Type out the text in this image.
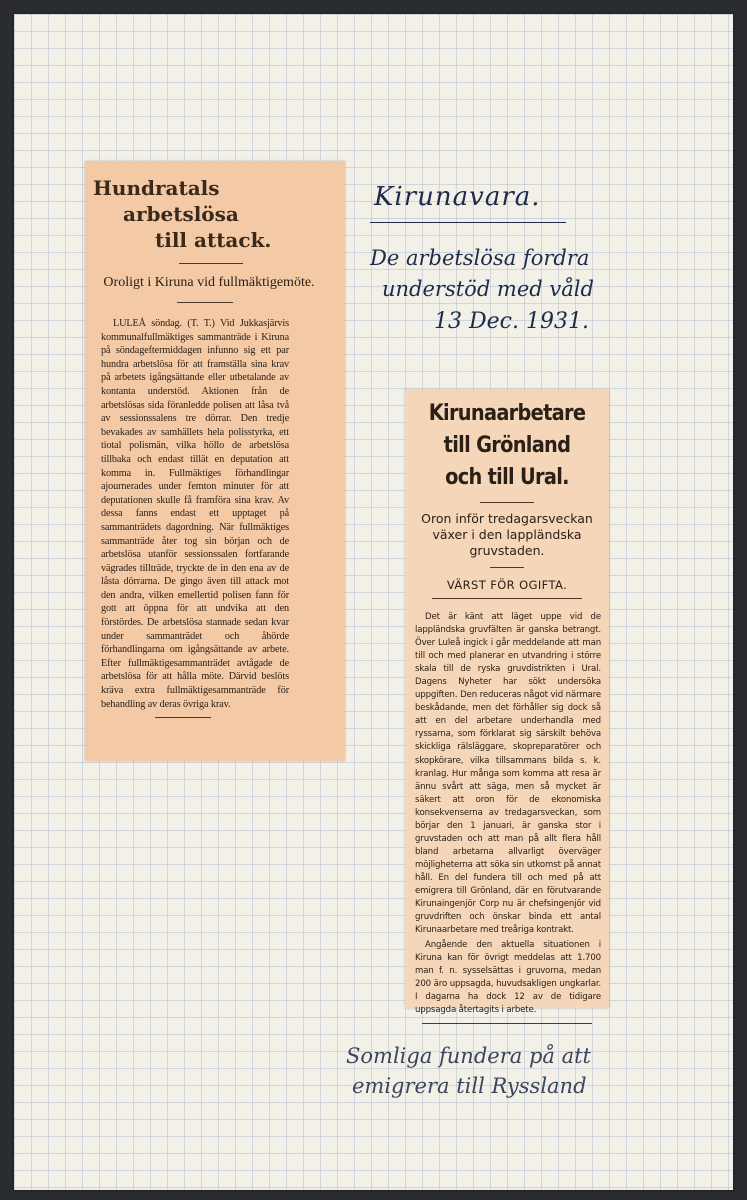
Hundratals
arbetslösa
till attack.
Oroligt i Kiruna vid fullmäktigemöte.

LULEÅ söndag. (T. T.) Vid Jukkasjärvis kommunalfullmäktiges sammanträde i Kiruna på söndageftermiddagen infunno sig ett par hundra arbetslösa för att framställa sina krav på arbetets igångsättande eller utbetalande av kontanta understöd. Aktionen från de arbetslösas sida föranledde polisen att låsa två av sessionssalens tre dörrar. Den tredje bevakades av samhällets hela polisstyrka, ett tiotal polismän, vilka höllo de arbetslösa tillbaka och endast tillät en deputation att komma in. Fullmäktiges förhandlingar ajournerades under femton minuter för att deputationen skulle få framföra sina krav. Av dessa fanns endast ett upptaget på sammanträdets dagordning. När fullmäktiges sammanträde åter tog sin början och de arbetslösa utanför sessionssalen fortfarande vägrades tillträde, tryckte de in den ena av de låsta dörrarna. De gingo även till attack mot den andra, vilken emellertid polisen fann för gott att öppna för att undvika att den förstördes. De arbetslösa stannade sedan kvar under sammanträdet och åhörde förhandlingarna om igångsättande av arbete. Efter fullmäktigesammanträdet avtågade de arbetslösa för att hålla möte. Därvid beslöts kräva extra fullmäktigesammanträde för behandling av deras övriga krav.

Kirunaarbetare
till Grönland
och till Ural.
Oron inför tredagarsveckan växer i den lappländska gruvstaden.
VÄRST FÖR OGIFTA.

Det är känt att läget uppe vid de lappländska gruvfälten är ganska betrangt. Över Luleå ingick i går meddelande att man till och med planerar en utvandring i större skala till de ryska gruvdistrikten i Ural. Dagens Nyheter har sökt undersöka uppgiften. Den reduceras något vid närmare beskådande, men det förhåller sig dock så att en del arbetare underhandla med ryssarna, som förklarat sig särskilt behöva skickliga rälsläggare, skopreparatörer och skopkörare, vilka tillsammans bilda s. k. kranlag. Hur många som komma att resa är ännu svårt att säga, men så mycket är säkert att oron för de ekonomiska konsekvenserna av tredagarsveckan, som börjar den 1 januari, är ganska stor i gruvstaden och att man på allt flera håll bland arbetarna allvarligt överväger möjligheterna att söka sin utkomst på annat håll. En del fundera till och med på att emigrera till Grönland, där en förutvarande Kirunaingenjör Corp nu är chefsingenjör vid gruvdriften och önskar binda ett antal Kirunaarbetare med treåriga kontrakt.

Angående den aktuella situationen i Kiruna kan för övrigt meddelas att 1.700 man f. n. sysselsättas i gruvorna, medan 200 äro uppsagda, huvudsakligen ungkarlar. I dagarna ha dock 12 av de tidigare uppsagda återtagits i arbete.

Kirunavara.
De arbetslösa fordra
understöd med våld
13 Dec. 1931.
Somliga fundera på att
emigrera till Ryssland
